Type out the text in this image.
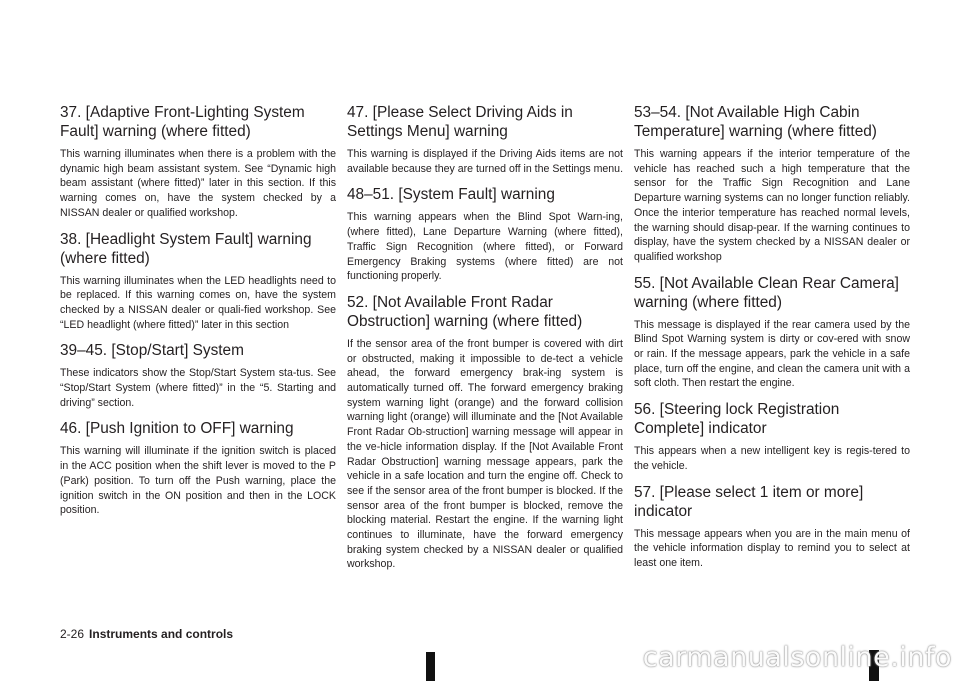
37. [Adaptive Front-Lighting System Fault] warning (where fitted)

This warning illuminates when there is a problem with the dynamic high beam assistant system. See “Dynamic high beam assistant (where fitted)” later in this section. If this warning comes on, have the system checked by a NISSAN dealer or qualified workshop.

38. [Headlight System Fault] warning (where fitted)

This warning illuminates when the LED headlights need to be replaced. If this warning comes on, have the system checked by a NISSAN dealer or quali-fied workshop. See “LED headlight (where fitted)” later in this section

39–45. [Stop/Start] System

These indicators show the Stop/Start System sta-tus. See “Stop/Start System (where fitted)” in the “5. Starting and driving” section.

46. [Push Ignition to OFF] warning

This warning will illuminate if the ignition switch is placed in the ACC position when the shift lever is moved to the P (Park) position. To turn off the Push warning, place the ignition switch in the ON position and then in the LOCK position.

47. [Please Select Driving Aids in Settings Menu] warning

This warning is displayed if the Driving Aids items are not available because they are turned off in the Settings menu.

48–51. [System Fault] warning

This warning appears when the Blind Spot Warn-ing, (where fitted), Lane Departure Warning (where fitted), Traffic Sign Recognition (where fitted), or Forward Emergency Braking systems (where fitted) are not functioning properly.

52. [Not Available Front Radar Obstruction] warning (where fitted)

If the sensor area of the front bumper is covered with dirt or obstructed, making it impossible to de-tect a vehicle ahead, the forward emergency brak-ing system is automatically turned off. The forward emergency braking system warning light (orange) and the forward collision warning light (orange) will illuminate and the [Not Available Front Radar Ob-struction] warning message will appear in the ve-hicle information display. If the [Not Available Front Radar Obstruction] warning message appears, park the vehicle in a safe location and turn the engine off. Check to see if the sensor area of the front bumper is blocked. If the sensor area of the front bumper is blocked, remove the blocking material. Restart the engine. If the warning light continues to illuminate, have the forward emergency braking system checked by a NISSAN dealer or qualified workshop.

53–54. [Not Available High Cabin Temperature] warning (where fitted)

This warning appears if the interior temperature of the vehicle has reached such a high temperature that the sensor for the Traffic Sign Recognition and Lane Departure warning systems can no longer function reliably. Once the interior temperature has reached normal levels, the warning should disap-pear. If the warning continues to display, have the system checked by a NISSAN dealer or qualified workshop

55. [Not Available Clean Rear Camera] warning (where fitted)

This message is displayed if the rear camera used by the Blind Spot Warning system is dirty or cov-ered with snow or rain. If the message appears, park the vehicle in a safe place, turn off the engine, and clean the camera unit with a soft cloth. Then restart the engine.

56. [Steering lock Registration Complete] indicator

This appears when a new intelligent key is regis-tered to the vehicle.

57. [Please select 1 item or more] indicator

This message appears when you are in the main menu of the vehicle information display to remind you to select at least one item.

2-26 Instruments and controls
carmanualsonline.info
